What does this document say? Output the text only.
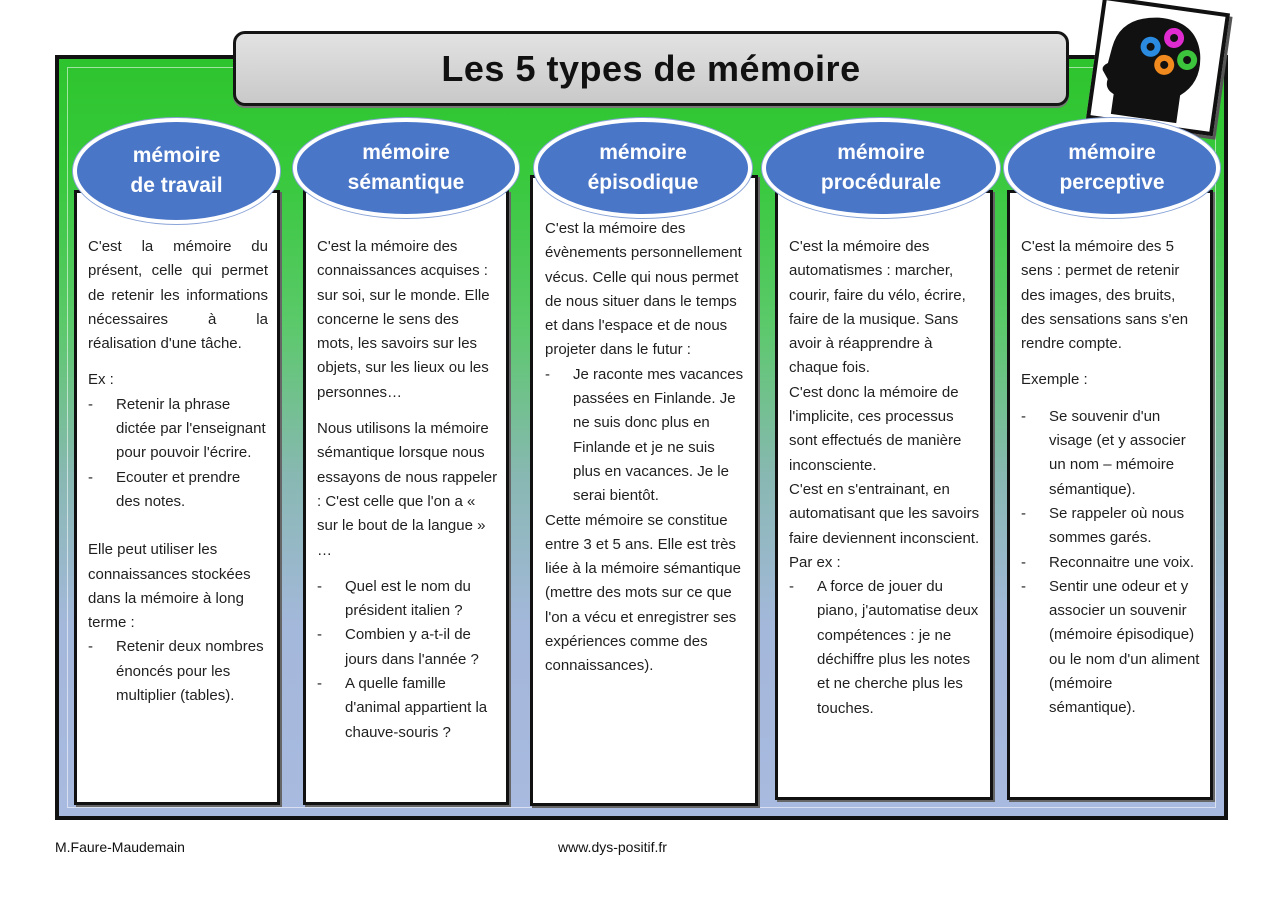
Les 5 types de mémoire
mémoire
de travail

C'est la mémoire du présent, celle qui permet de retenir les informations nécessaires à la réalisation d'une tâche.

Ex :

- Retenir la phrase dictée par l'enseignant pour pouvoir l'écrire.

- Ecouter et prendre des notes.

Elle peut utiliser les connaissances stockées dans la mémoire à long terme :

- Retenir deux nombres énoncés pour les multiplier (tables).

mémoire
sémantique

C'est la mémoire des connaissances acquises : sur soi, sur le monde. Elle concerne le sens des mots, les savoirs sur les objets, sur les lieux ou les personnes…

Nous utilisons la mémoire sémantique lorsque nous essayons de nous rappeler : C'est celle que l'on a « sur le bout de la langue » …

- Quel est le nom du président italien ?

- Combien y a-t-il de jours dans l'année ?

- A quelle famille d'animal appartient la chauve-souris ?

mémoire
épisodique

C'est la mémoire des évènements personnellement vécus. Celle qui nous permet de nous situer dans le temps et dans l'espace et de nous projeter dans le futur :

- Je raconte mes vacances passées en Finlande. Je ne suis donc plus en Finlande et je ne suis plus en vacances. Je le serai bientôt.

Cette mémoire se constitue entre 3 et 5 ans. Elle est très liée à la mémoire sémantique (mettre des mots sur ce que l'on a vécu et enregistrer ses expériences comme des connaissances).

mémoire
procédurale

C'est la mémoire des automatismes : marcher, courir, faire du vélo, écrire, faire de la musique. Sans avoir à réapprendre à chaque fois.

C'est donc la mémoire de l'implicite, ces processus sont effectués de manière inconsciente.

C'est en s'entrainant, en automatisant que les savoirs faire deviennent inconscient.

Par ex :

- A force de jouer du piano, j'automatise deux compétences : je ne déchiffre plus les notes et ne cherche plus les touches.

mémoire
perceptive

C'est la mémoire des 5 sens : permet de retenir des images, des bruits, des sensations sans s'en rendre compte.

Exemple :

- Se souvenir d'un visage (et y associer un nom – mémoire sémantique).

- Se rappeler où nous sommes garés.

- Reconnaitre une voix.

- Sentir une odeur et y associer un souvenir (mémoire épisodique) ou le nom d'un aliment (mémoire sémantique).

M.Faure-Maudemain	www.dys-positif.fr
